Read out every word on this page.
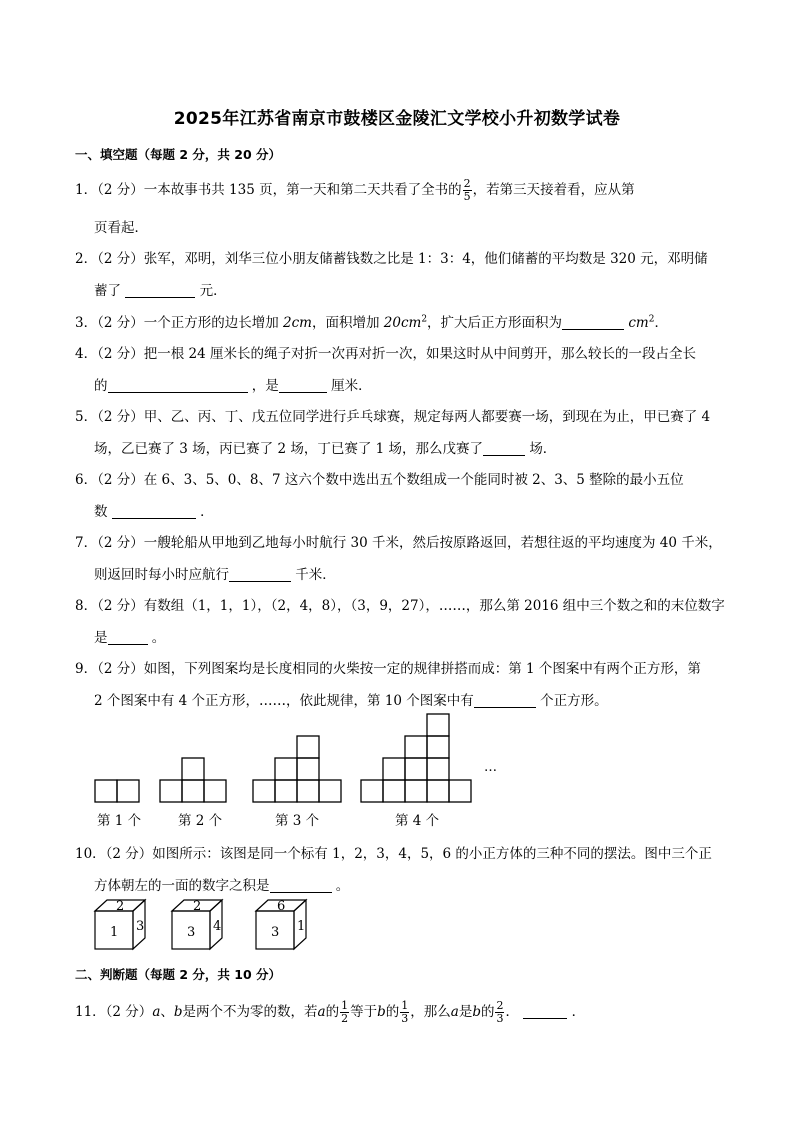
2025年江苏省南京市鼓楼区金陵汇文学校小升初数学试卷
一、填空题（每题 2 分，共 20 分）
1．（2 分）一本故事书共 135 页，第一天和第二天共看了全书的 $\frac{2}{5}$ ，若第三天接着看，应从第
页看起．
2．（2 分）张军，邓明，刘华三位小朋友储蓄钱数之比是 1：3：4，他们储蓄的平均数是 320 元，邓明储
蓄了	元．
3．（2 分）一个正方形的边长增加 2cm，面积增加 $20cm^2$，扩大后正方形面积为	$cm^2$．
4．（2 分）把一根 24 厘米长的绳子对折一次再对折一次，如果这时从中间剪开，那么较长的一段占全长
的	，是	厘米．
5．（2 分）甲、乙、丙、丁、戊五位同学进行乒乓球赛，规定每两人都要赛一场，到现在为止，甲已赛了 4
场，乙已赛了 3 场，丙已赛了 2 场，丁已赛了 1 场，那么戊赛了	场．
6．（2 分）在 6、3、5、0、8、7 这六个数中选出五个数组成一个能同时被 2、3、5 整除的最小五位
数	．
7．（2 分）一艘轮船从甲地到乙地每小时航行 30 千米，然后按原路返回，若想往返的平均速度为 40 千米，
则返回时每小时应航行	千米．
8．（2 分）有数组（1，1，1），（2，4，8），（3，9，27），……，那么第 2016 组中三个数之和的末位数字
是	。
9．（2 分）如图，下列图案均是长度相同的火柴按一定的规律拼搭而成：第 1 个图案中有两个正方形，第
2 个图案中有 4 个正方形，……，依此规律，第 10 个图案中有	个正方形。
…
第 1 个	第 2 个	第 3 个	第 4 个
10．（2 分）如图所示：该图是同一个标有 1，2，3，4，5，6 的小正方体的三种不同的摆法。图中三个正
方体朝左的一面的数字之积是	。
2
1 3
2
3 4
6
3 1
二、判断题（每题 2 分，共 10 分）
11．（2 分）a、b是两个不为零的数，若a的 $\frac{1}{2}$ 等于b的 $\frac{1}{3}$ ，那么a是b的 $\frac{2}{3}$ ．	．
